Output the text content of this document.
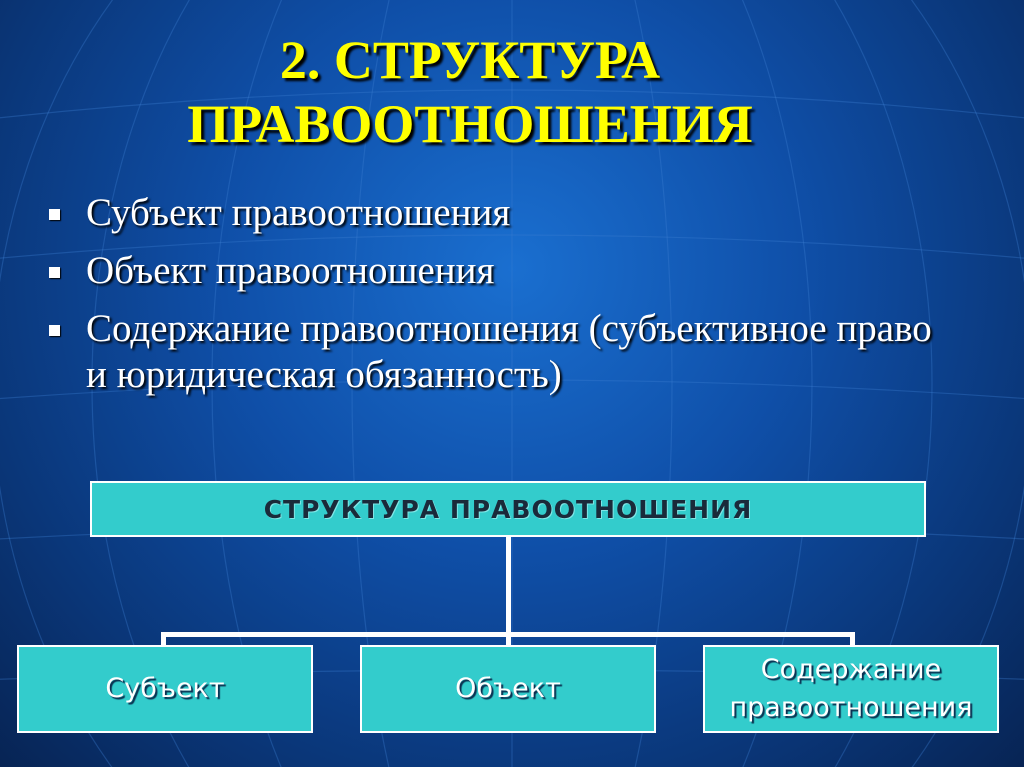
2. СТРУКТУРА ПРАВООТНОШЕНИЯ
Субъект правоотношения
Объект правоотношения
Содержание правоотношения (субъективное право и юридическая обязанность)
СТРУКТУРА ПРАВООТНОШЕНИЯ
Субъект	Объект
Содержание правоотношения
